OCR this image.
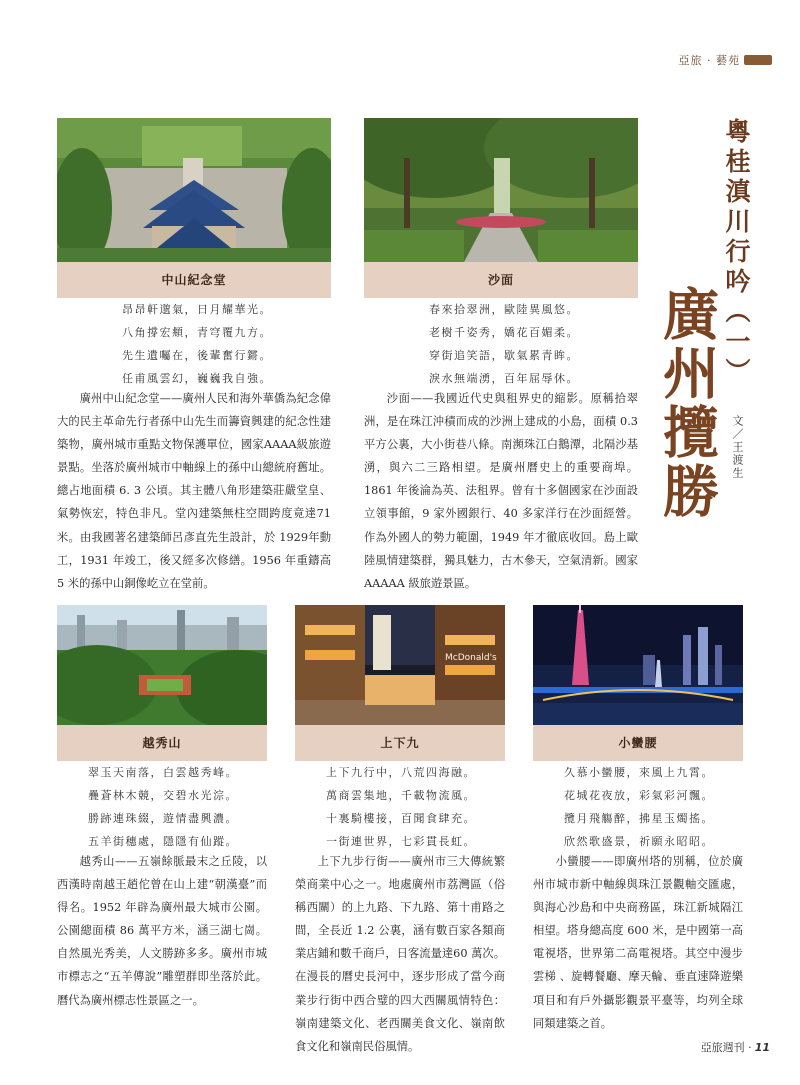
亞旅 · 藝苑
中山紀念堂	沙面
昂昂軒邈氣，日月耀華光。
八角撐宏頫，青穹覆九方。
先生遺囑在，後輩奮行鏘。
任甫風雲幻，巍巍我自強。

廣州中山紀念堂——廣州人民和海外華僑為紀念偉大的民主革命先行者孫中山先生而籌資興建的紀念性建築物，廣州城市重點文物保護單位，國家AAAA級旅遊景點。坐落於廣州城市中軸線上的孫中山總統府舊址。總占地面積 6. 3 公頃。其主體八角形建築莊嚴堂皇、氣勢恢宏，特色非凡。堂內建築無柱空間跨度竟達71 米。由我國著名建築師呂彥直先生設計，於 1929年動工，1931 年竣工，後又經多次修繕。1956 年重鑄高 5 米的孫中山銅像屹立在堂前。

春來拾翠洲，歐陸異風悠。
老樹千姿秀，嬌花百媚柔。
穿街追笑語，歇氣累青眸。
淚水無端湧，百年屈辱休。

沙面——我國近代史與租界史的縮影。原稱拾翠洲，是在珠江沖積而成的沙洲上建成的小島，面積 0.3 平方公裏，大小街巷八條。南瀕珠江白鵝潭，北隔沙基湧，與六二三路相望。是廣州曆史上的重要商埠。1861 年後淪為英、法租界。曾有十多個國家在沙面設立領事館，9 家外國銀行、40 多家洋行在沙面經營。作為外國人的勢力範圍，1949 年才徹底收回。島上歐陸風情建築群，獨具魅力，古木參天，空氣清新。國家 AAAAA 級旅遊景區。

粵桂滇川行吟（一）
廣州攬勝 文／王渡生
越秀山
McDonald's
上下九	小蠻腰
翠玉天南落，白雲越秀峰。
疊蒼林木競，交碧水光淙。
勝跡連珠綴，遊情盡興濃。
五羊街穗處，隱隱有仙蹤。

越秀山——五嶺餘脈最末之丘陵，以西漢時南越王趙佗曾在山上建“朝漢臺”而得名。1952 年辟為廣州最大城市公園。公園總面積 86 萬平方米，涵三湖七崗。自然風光秀美，人文勝跡多多。廣州市城市標志之“五羊傳說”雕塑群即坐落於此。曆代為廣州標志性景區之一。

上下九行中，八荒四海融。
萬商雲集地，千載物流風。
十裏騎樓接，百聞食肆充。
一街連世界，七彩貫長虹。

上下九步行街——廣州市三大傳統繁榮商業中心之一。地處廣州市荔灣區（俗稱西關）的上九路、下九路、第十甫路之間，全長近 1.2 公裏，涵有數百家各類商業店鋪和數千商戶，日客流量達60 萬次。在漫長的曆史長河中，逐步形成了當今商業步行街中西合璧的四大西關風情特色：嶺南建築文化、老西關美食文化、嶺南飲食文化和嶺南民俗風情。

久慕小蠻腰，來風上九霄。
花城花夜放，彩氣彩河飄。
攬月飛觴醉，拂星玉燭搖。
欣然歌盛景，祈願永昭昭。

小蠻腰——即廣州塔的別稱，位於廣州市城市新中軸線與珠江景觀軸交匯處， 與海心沙島和中央商務區，珠江新城隔江相望。塔身總高度 600 米，是中國第一高電視塔，世界第二高電視塔。其空中漫步雲梯 、旋轉餐廳、摩天輪、垂直速降遊樂項目和有戶外攝影觀景平臺等，均列全球同類建築之首。

亞旅週刊 · 11
